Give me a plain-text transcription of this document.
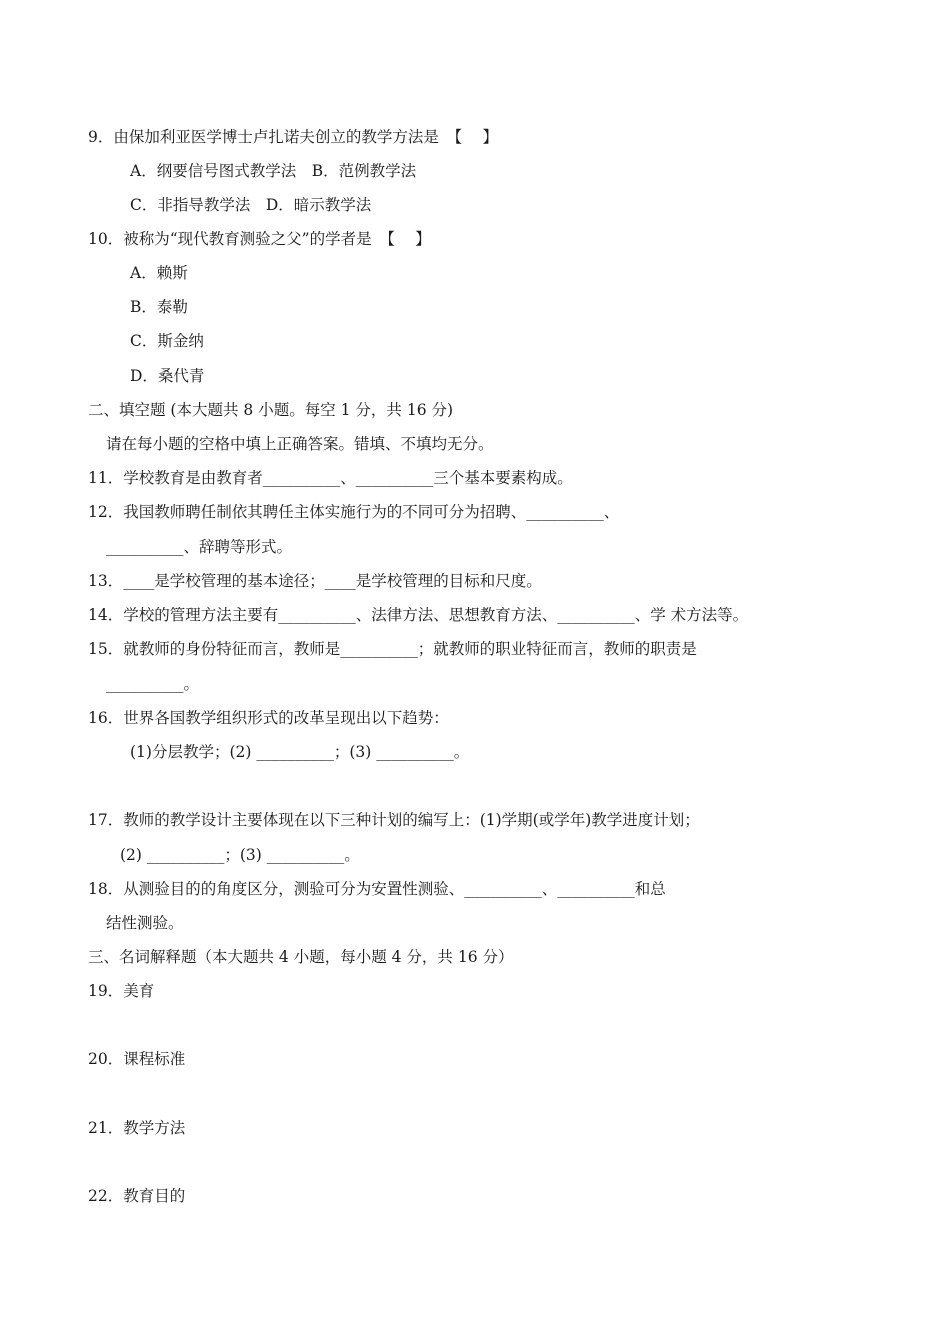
9．由保加利亚医学博士卢扎诺夫创立的教学方法是　【　 】
A．纲要信号图式教学法　B．范例教学法
C．非指导教学法　D．暗示教学法
10．被称为“现代教育测验之父”的学者是　【　 】
A．赖斯
B．泰勒
C．斯金纳
D．桑代青
二、填空题 (本大题共 8 小题。每空 1 分，共 16 分)
请在每小题的空格中填上正确答案。错填、不填均无分。
11．学校教育是由教育者__________、__________三个基本要素构成。
12．我国教师聘任制依其聘任主体实施行为的不同可分为招聘、__________、
__________、辞聘等形式。
13．____是学校管理的基本途径；____是学校管理的目标和尺度。
14．学校的管理方法主要有__________、法律方法、思想教育方法、__________、学 术方法等。
15．就教师的身份特征而言，教师是__________；就教师的职业特征而言，教师的职责是
__________。
16．世界各国教学组织形式的改革呈现出以下趋势：
(1)分层教学；(2) __________；(3) __________。
17．教师的教学设计主要体现在以下三种计划的编写上：(1)学期(或学年)教学进度计划；
(2) __________；(3) __________。
18．从测验目的的角度区分，测验可分为安置性测验、__________、__________和总
结性测验。
三、名词解释题（本大题共 4 小题，每小题 4 分，共 16 分）
19．美育
20．课程标准
21．教学方法
22．教育目的
